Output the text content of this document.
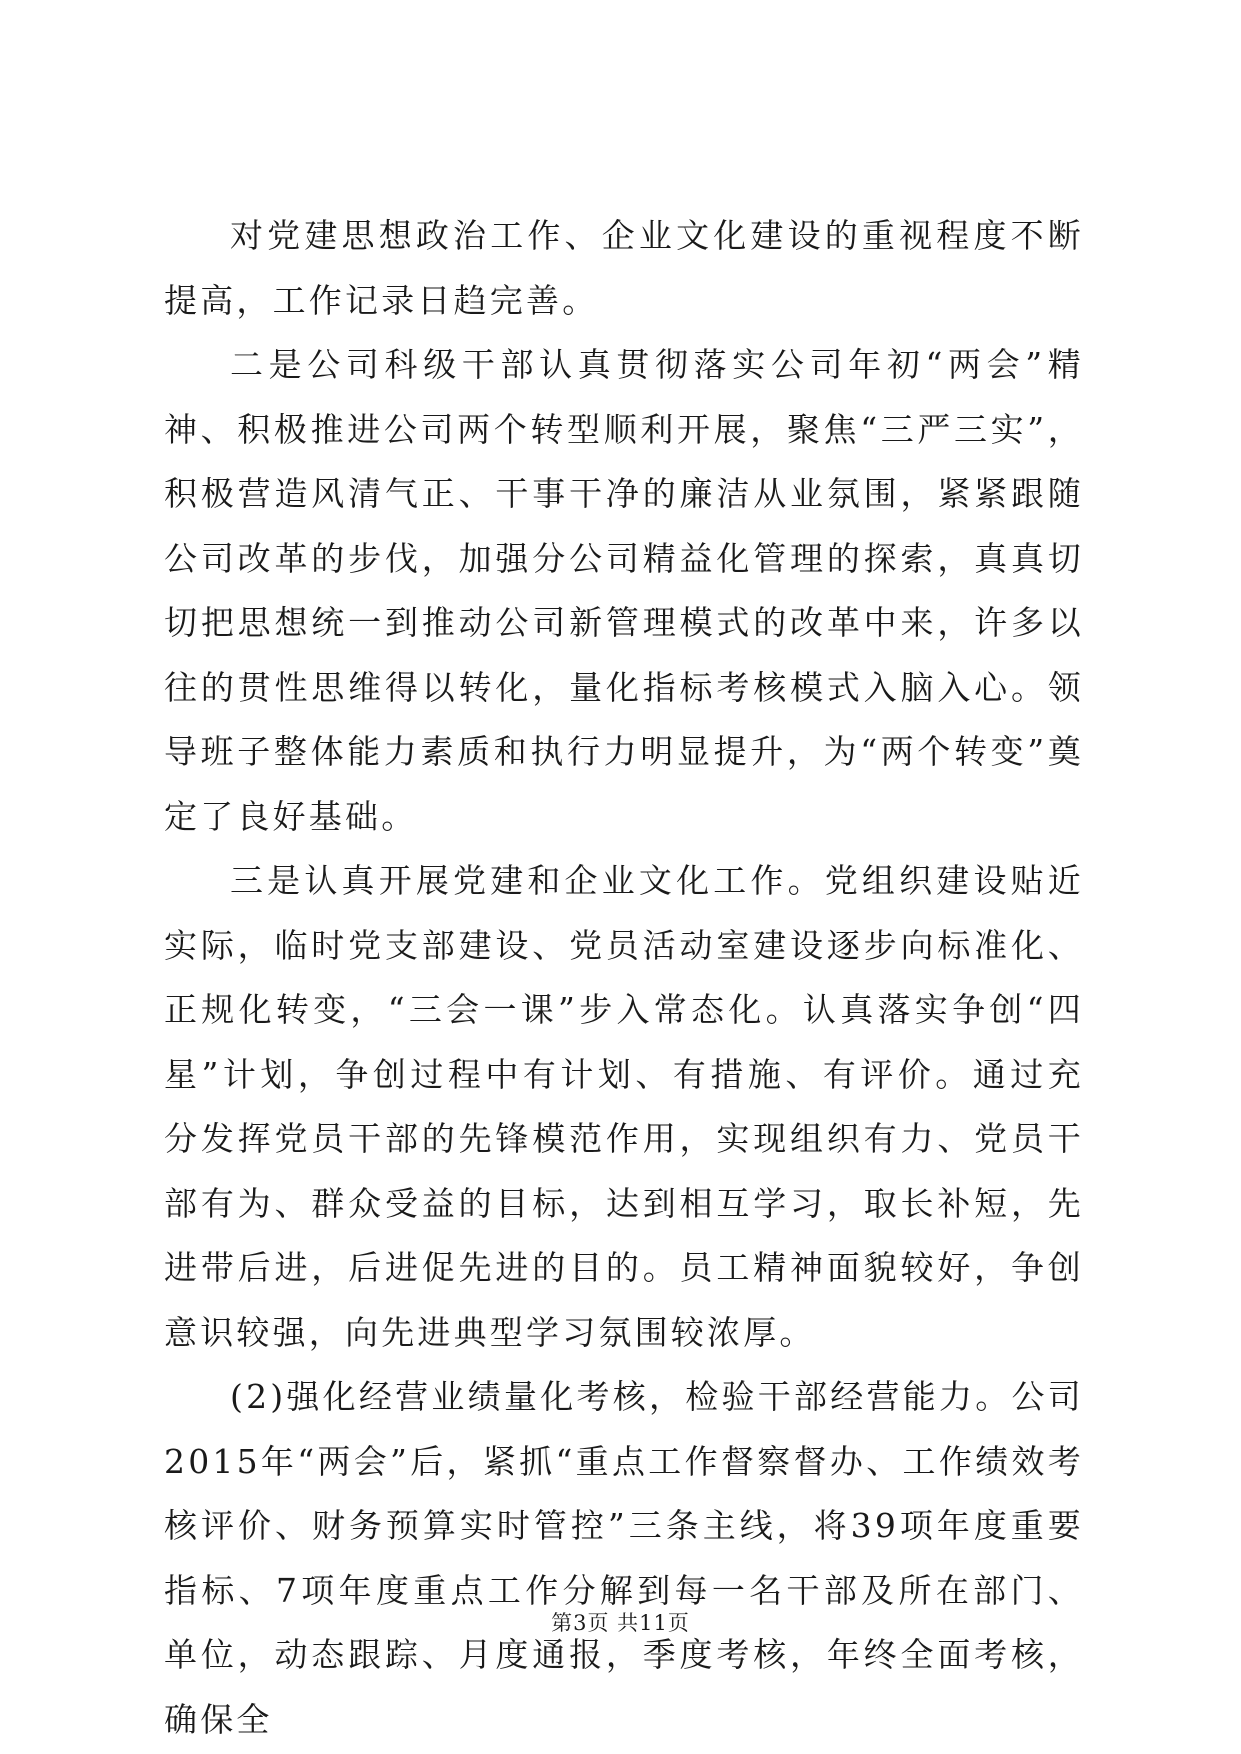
对党建思想政治工作、企业文化建设的重视程度不断提高，工作记录日趋完善。

二是公司科级干部认真贯彻落实公司年初“两会”精神、积极推进公司两个转型顺利开展，聚焦“三严三实”，积极营造风清气正、干事干净的廉洁从业氛围，紧紧跟随公司改革的步伐，加强分公司精益化管理的探索，真真切切把思想统一到推动公司新管理模式的改革中来，许多以往的贯性思维得以转化，量化指标考核模式入脑入心。领导班子整体能力素质和执行力明显提升，为“两个转变”奠定了良好基础。

三是认真开展党建和企业文化工作。党组织建设贴近实际，临时党支部建设、党员活动室建设逐步向标准化、正规化转变，“三会一课”步入常态化。认真落实争创“四星”计划，争创过程中有计划、有措施、有评价。通过充分发挥党员干部的先锋模范作用，实现组织有力、党员干部有为、群众受益的目标，达到相互学习，取长补短，先进带后进，后进促先进的目的。员工精神面貌较好，争创意识较强，向先进典型学习氛围较浓厚。

(2)强化经营业绩量化考核，检验干部经营能力。公司2015年“两会”后，紧抓“重点工作督察督办、工作绩效考核评价、财务预算实时管控”三条主线，将39项年度重要指标、7项年度重点工作分解到每一名干部及所在部门、单位，动态跟踪、月度通报，季度考核，年终全面考核，确保全

第3页 共11页
